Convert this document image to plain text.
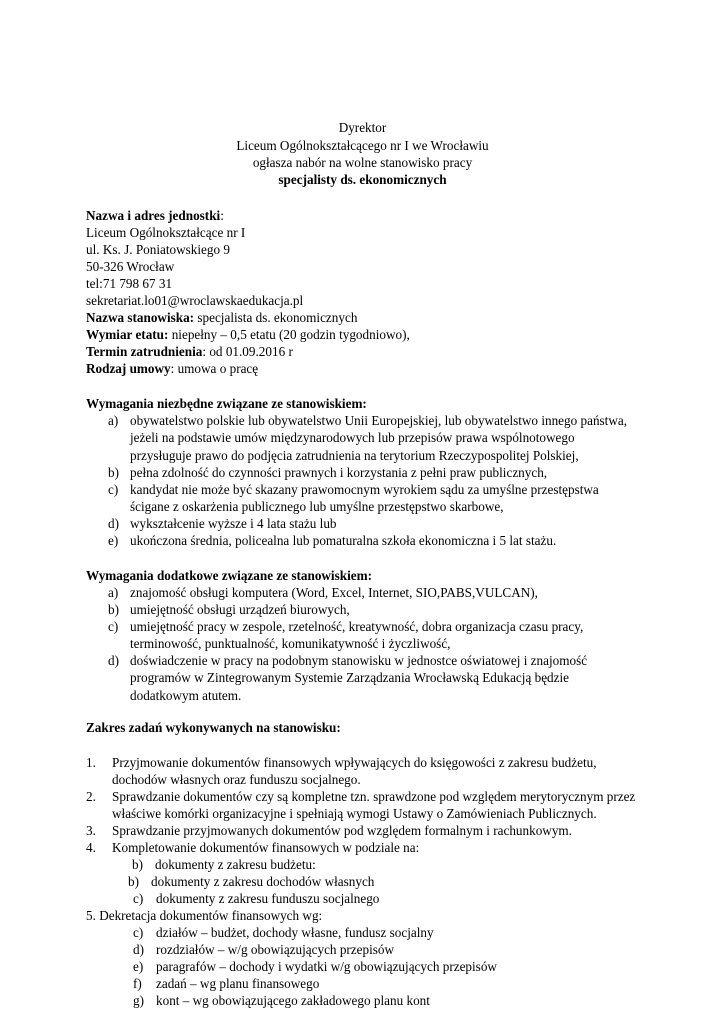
Dyrektor
Liceum Ogólnokształcącego nr I we Wrocławiu
ogłasza nabór na wolne stanowisko pracy
specjalisty ds. ekonomicznych
Nazwa i adres jednostki:
Liceum Ogólnokształcące nr I
ul. Ks. J. Poniatowskiego 9
50-326 Wrocław
tel:71 798 67 31
sekretariat.lo01@wroclawskaedukacja.pl
Nazwa stanowiska: specjalista ds. ekonomicznych
Wymiar etatu: niepełny – 0,5 etatu (20 godzin tygodniowo),
Termin zatrudnienia: od 01.09.2016 r
Rodzaj umowy: umowa o pracę
Wymagania niezbędne związane ze stanowiskiem:
a) obywatelstwo polskie lub obywatelstwo Unii Europejskiej, lub obywatelstwo innego państwa,
jeżeli na podstawie umów międzynarodowych lub przepisów prawa wspólnotowego
przysługuje prawo do podjęcia zatrudnienia na terytorium Rzeczypospolitej Polskiej,
b) pełna zdolność do czynności prawnych i korzystania z pełni praw publicznych,
c) kandydat nie może być skazany prawomocnym wyrokiem sądu za umyślne przestępstwa
ścigane z oskarżenia publicznego lub umyślne przestępstwo skarbowe,
d) wykształcenie wyższe i 4 lata stażu lub
e) ukończona średnia, policealna lub pomaturalna szkoła ekonomiczna i 5 lat stażu.
Wymagania dodatkowe związane ze stanowiskiem:
a) znajomość obsługi komputera (Word, Excel, Internet, SIO,PABS,VULCAN),
b) umiejętność obsługi urządzeń biurowych,
c) umiejętność pracy w zespole, rzetelność, kreatywność, dobra organizacja czasu pracy,
terminowość, punktualność, komunikatywność i życzliwość,
d) doświadczenie w pracy na podobnym stanowisku w jednostce oświatowej i znajomość
programów w Zintegrowanym Systemie Zarządzania Wrocławską Edukacją będzie
dodatkowym atutem.
Zakres zadań wykonywanych na stanowisku:
1. Przyjmowanie dokumentów finansowych wpływających do księgowości z zakresu budżetu,
dochodów własnych oraz funduszu socjalnego.
2. Sprawdzanie dokumentów czy są kompletne tzn. sprawdzone pod względem merytorycznym przez
właściwe komórki organizacyjne i spełniają wymogi Ustawy o Zamówieniach Publicznych.
3. Sprawdzanie przyjmowanych dokumentów pod względem formalnym i rachunkowym.
4. Kompletowanie dokumentów finansowych w podziale na:
b) dokumenty z zakresu budżetu:
b) dokumenty z zakresu dochodów własnych
c) dokumenty z zakresu funduszu socjalnego
5. Dekretacja dokumentów finansowych wg:
c) działów – budżet, dochody własne, fundusz socjalny
d) rozdziałów – w/g obowiązujących przepisów
e) paragrafów – dochody i wydatki w/g obowiązujących przepisów
f) zadań – wg planu finansowego
g) kont – wg obowiązującego zakładowego planu kont
